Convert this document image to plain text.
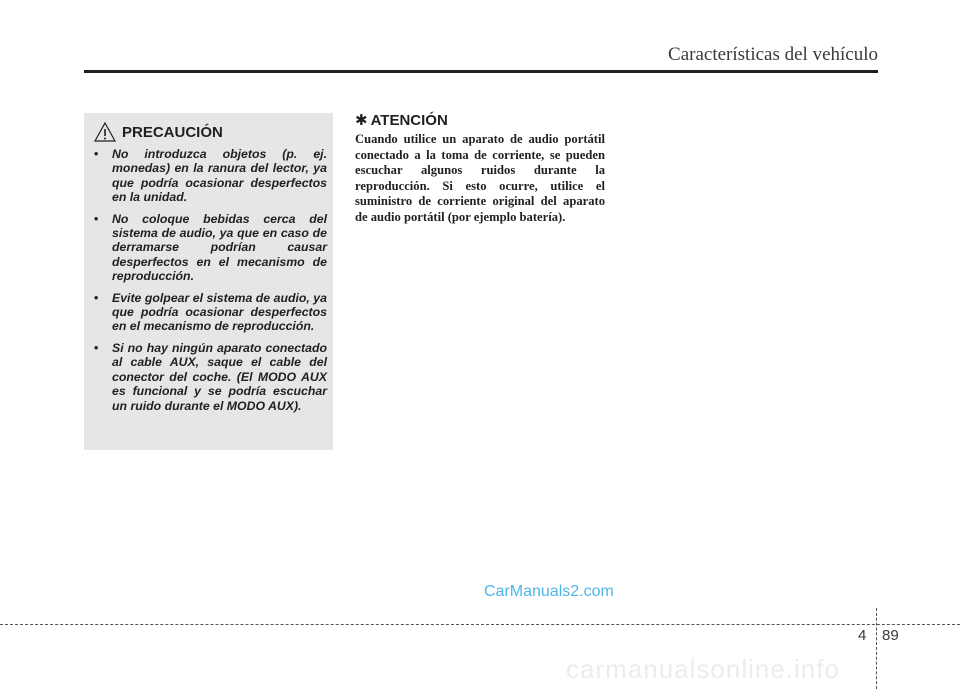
Características del vehículo
PRECAUCIÓN
• No introduzca objetos (p. ej. monedas) en la ranura del lector, ya que podría ocasionar desperfectos en la unidad.
• No coloque bebidas cerca del sistema de audio, ya que en caso de derramarse podrían causar desperfectos en el mecanismo de reproducción.
• Evite golpear el sistema de audio, ya que podría ocasionar desperfectos en el mecanismo de reproducción.
• Si no hay ningún aparato conectado al cable AUX, saque el cable del conector del coche. (El MODO AUX es funcional y se podría escuchar un ruido durante el MODO AUX).
✱ ATENCIÓN

Cuando utilice un aparato de audio portátil conectado a la toma de corriente, se pueden escuchar algunos ruidos durante la reproducción. Si esto ocurre, utilice el suministro de corriente original del aparato de audio portátil (por ejemplo batería).

CarManuals2.com
4 89
carmanualsonline.info
